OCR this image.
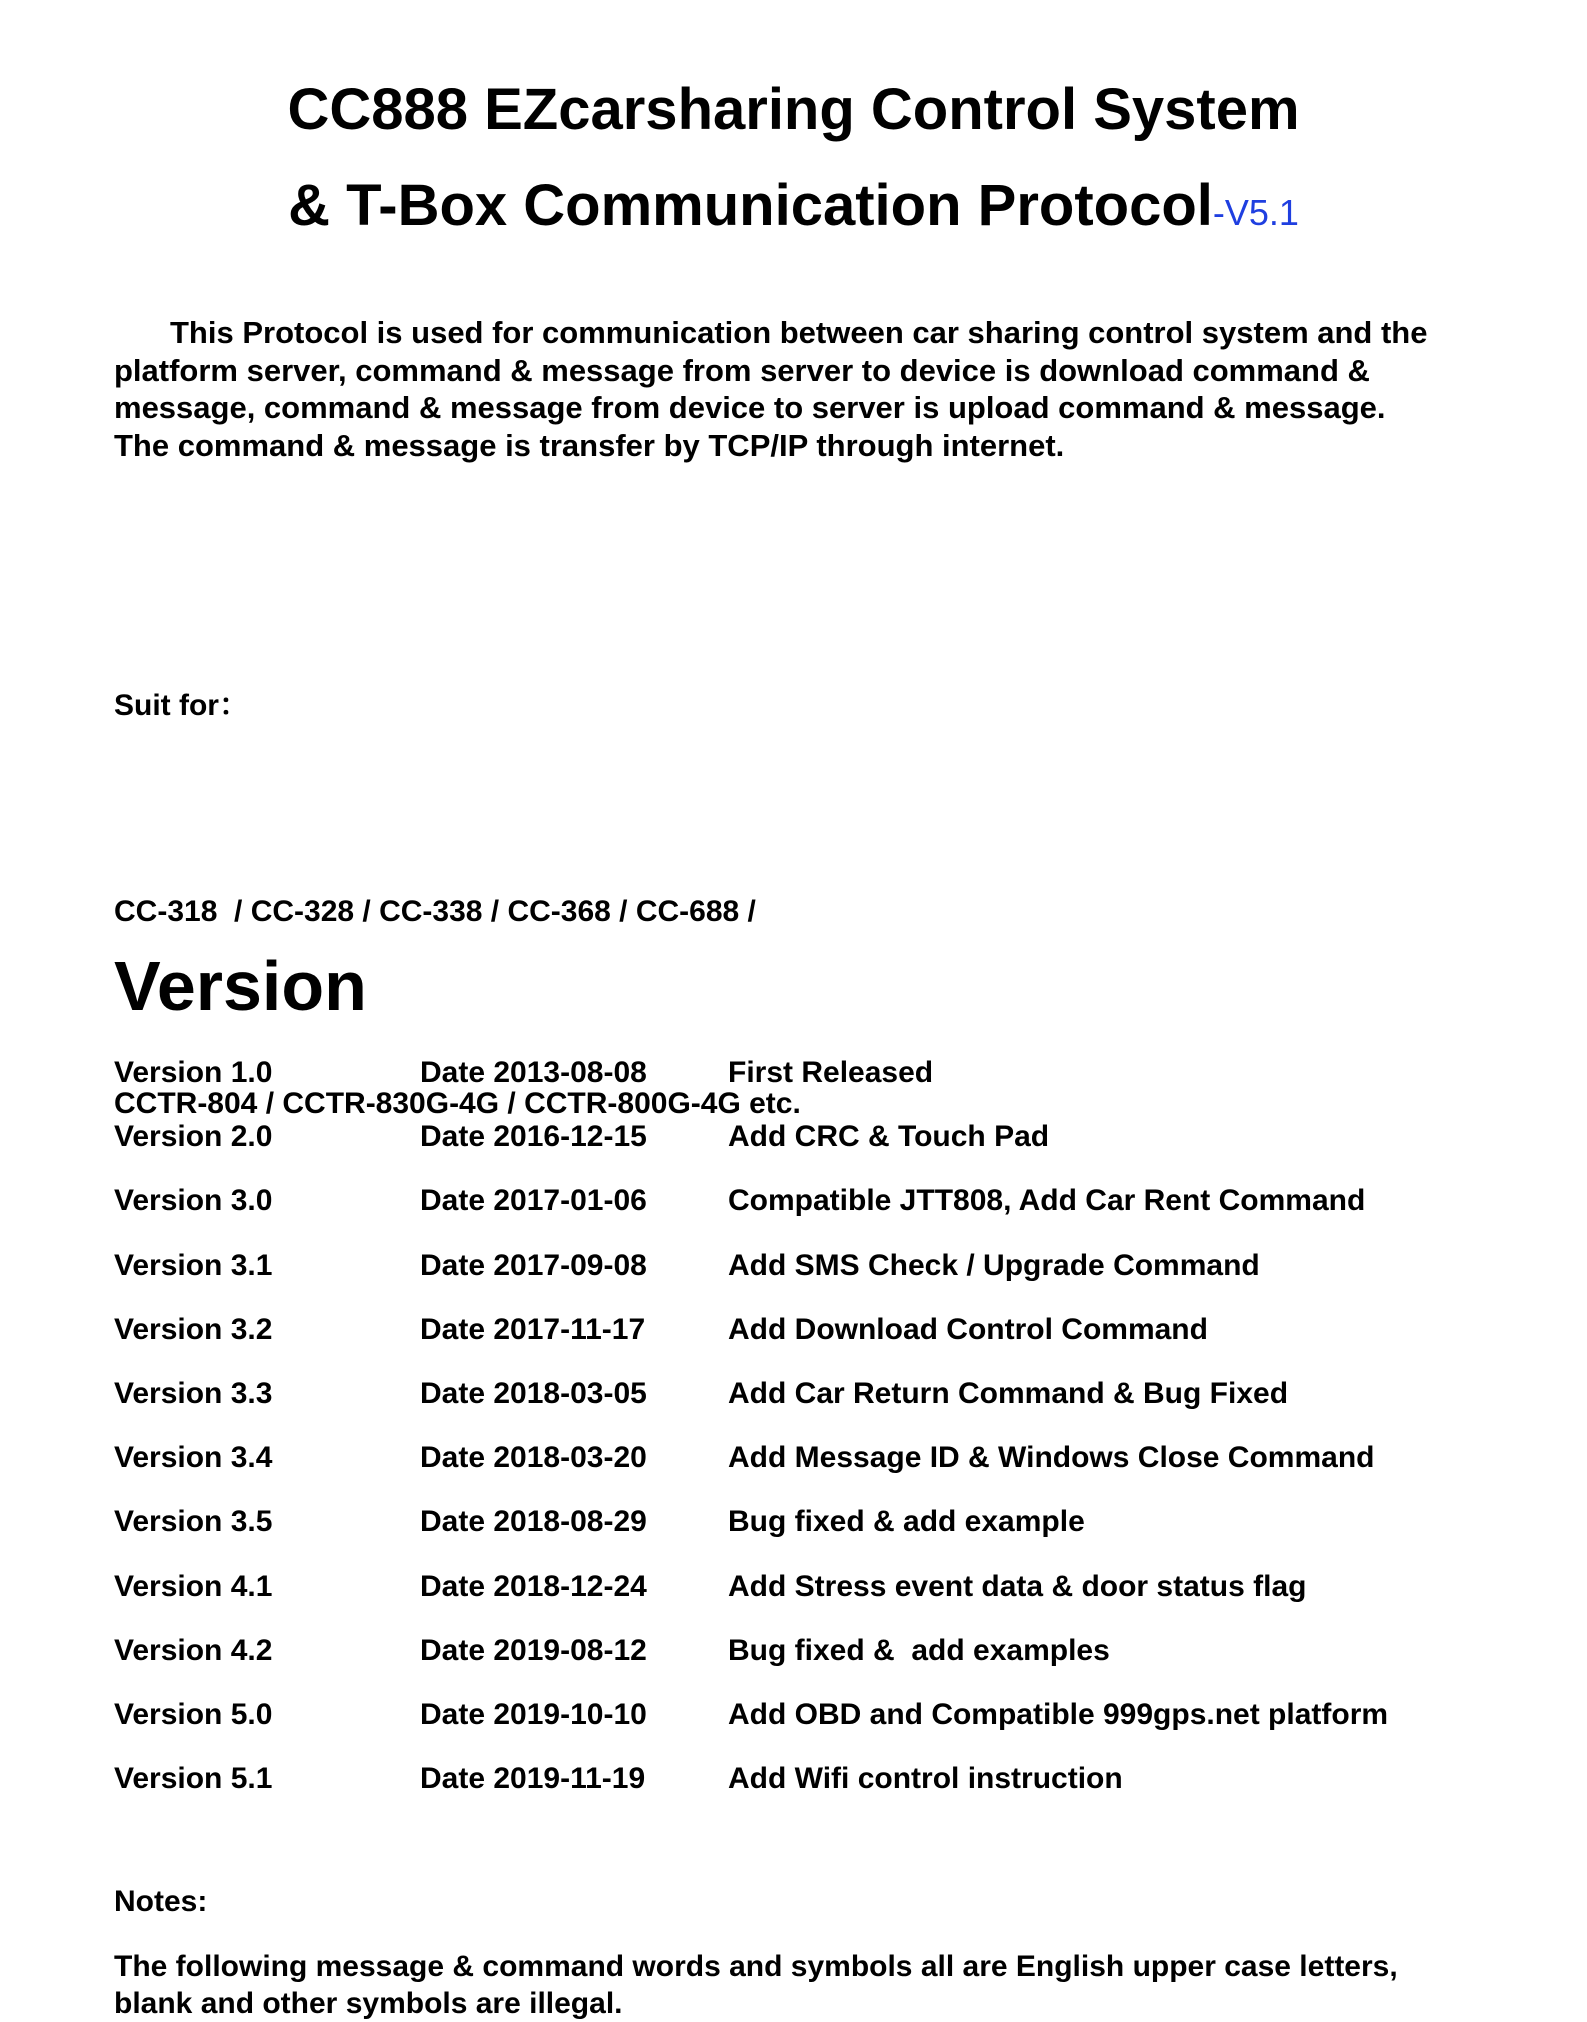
CC888 EZcarsharing Control System
& T-Box Communication Protocol-V5.1
This Protocol is used for communication between car sharing control system and the
platform server, command & message from server to device is download command &
message, command & message from device to server is upload command & message.
The command & message is transfer by TCP/IP through internet.
Suit for：

CC-318  / CC-328 / CC-338 / CC-368 / CC-688 /

CCTR-804 / CCTR-830G-4G / CCTR-800G-4G etc.

Version
Version 1.0	Date 2013-08-08	First Released
Version 2.0	Date 2016-12-15	Add CRC & Touch Pad
Version 3.0	Date 2017-01-06	Compatible JTT808, Add Car Rent Command
Version 3.1	Date 2017-09-08	Add SMS Check / Upgrade Command
Version 3.2	Date 2017-11-17	Add Download Control Command
Version 3.3	Date 2018-03-05	Add Car Return Command & Bug Fixed
Version 3.4	Date 2018-03-20	Add Message ID & Windows Close Command
Version 3.5	Date 2018-08-29	Bug fixed & add example
Version 4.1	Date 2018-12-24	Add Stress event data & door status flag
Version 4.2	Date 2019-08-12	Bug fixed &  add examples
Version 5.0	Date 2019-10-10	Add OBD and Compatible 999gps.net platform
Version 5.1	Date 2019-11-19	Add Wifi control instruction
Notes:
The following message & command words and symbols all are English upper case letters,
blank and other symbols are illegal.
